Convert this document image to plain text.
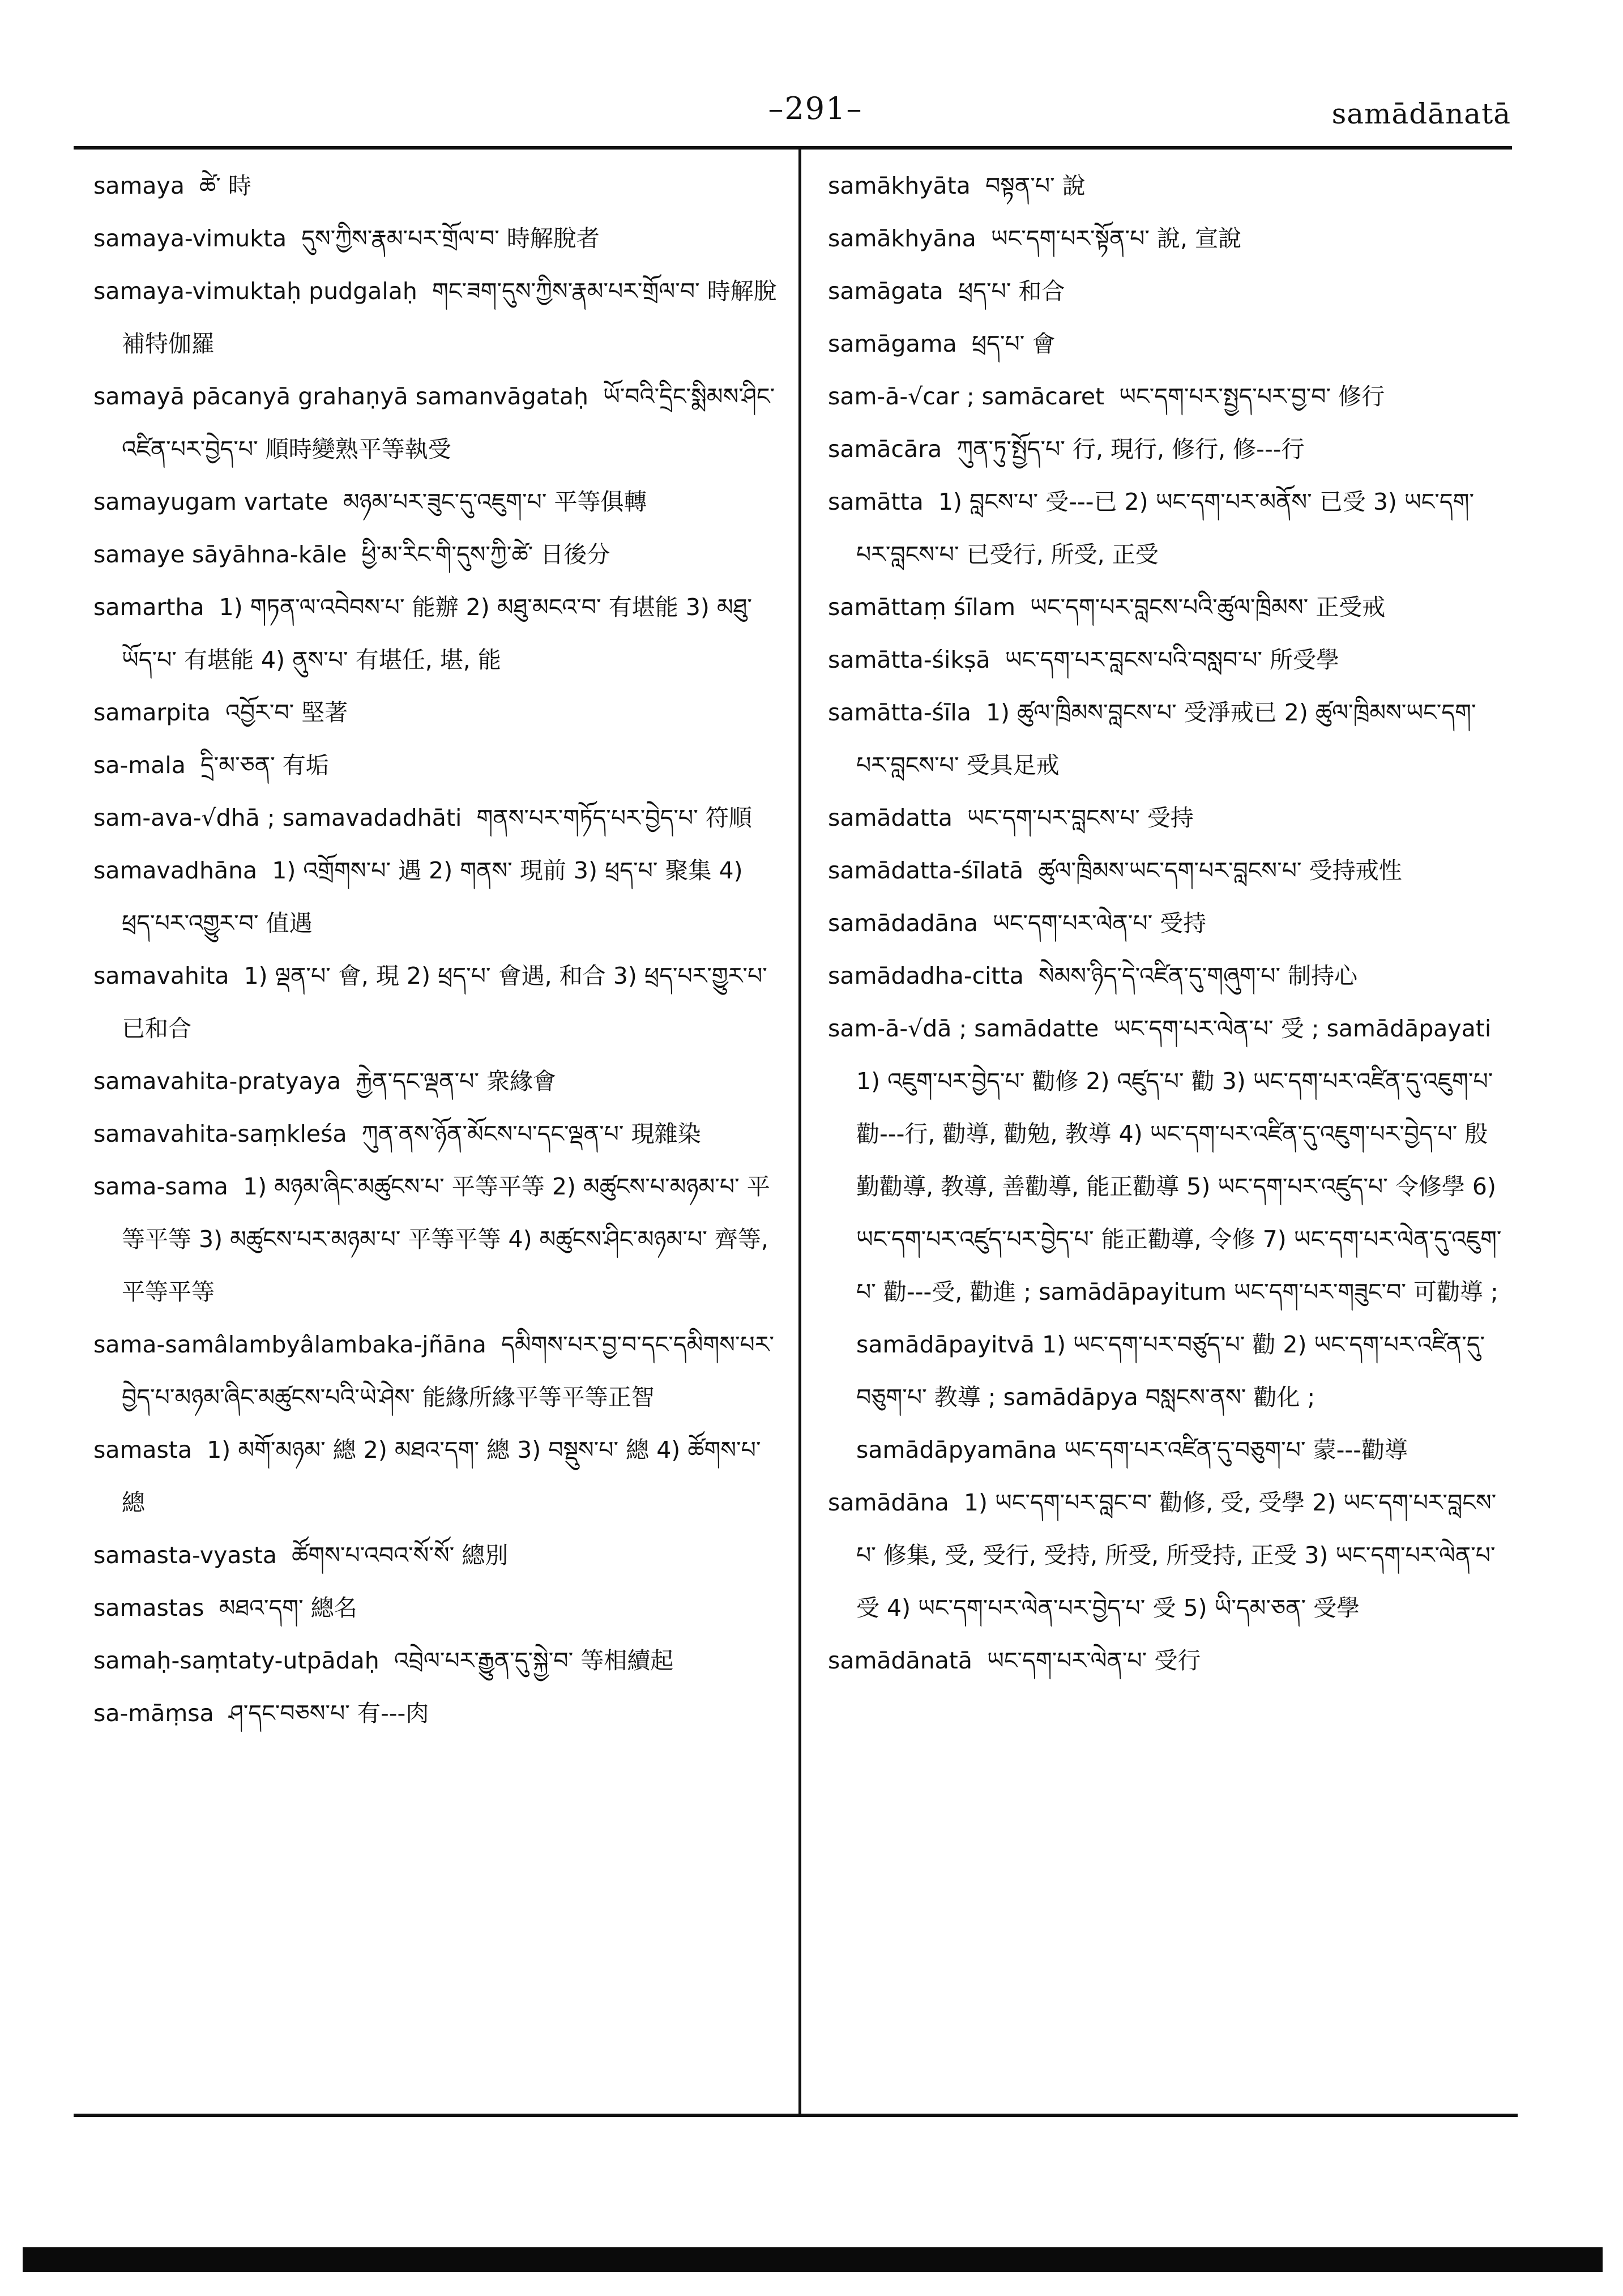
–291–	samādānatā
samaya ཚེ་ 時
samaya-vimukta དུས་ཀྱིས་རྣམ་པར་གྲོལ་བ་ 時解脫者
samaya-vimuktaḥ pudgalaḥ གང་ཟག་དུས་ཀྱིས་རྣམ་པར་གྲོལ་བ་ 時解脫補特伽羅
samayā pācanyā grahaṇyā samanvāgataḥ ཡོ་བའི་དྲིང་སྨིམས་ཤིང་འཛིན་པར་བྱེད་པ་ 順時變熟平等執受
samayugam vartate མཉམ་པར་ཟུང་དུ་འཇུག་པ་ 平等俱轉
samaye sāyāhna-kāle ཕྱི་མ་རིང་གི་དུས་ཀྱི་ཚེ་ 日後分
samartha 1) གཏན་ལ་འབེབས་པ་ 能辦 2) མཐུ་མངའ་བ་ 有堪能 3) མཐུ་ཡོད་པ་ 有堪能 4) ནུས་པ་ 有堪任, 堪, 能
samarpita འབྱོར་བ་ 堅著
sa-mala དྲི་མ་ཅན་ 有垢
sam-ava-√dhā ; samavadadhāti གནས་པར་གཏོད་པར་བྱེད་པ་ 符順
samavadhāna 1) འགྲོགས་པ་ 遇 2) གནས་ 現前 3) ཕྲད་པ་ 聚集 4) ཕྲད་པར་འགྱུར་བ་ 值遇
samavahita 1) ལྡན་པ་ 會, 現 2) ཕྲད་པ་ 會遇, 和合 3) ཕྲད་པར་གྱུར་པ་ 已和合
samavahita-pratyaya རྐྱེན་དང་ལྡན་པ་ 衆緣會
samavahita-saṃkleśa ཀུན་ནས་ཉོན་མོངས་པ་དང་ལྡན་པ་ 現雜染
sama-sama 1) མཉམ་ཞིང་མཚུངས་པ་ 平等平等 2) མཚུངས་པ་མཉམ་པ་ 平等平等 3) མཚུངས་པར་མཉམ་པ་ 平等平等 4) མཚུངས་ཤིང་མཉམ་པ་ 齊等, 平等平等
sama-samâlambyâlambaka-jñāna དམིགས་པར་བྱ་བ་དང་དམིགས་པར་བྱེད་པ་མཉམ་ཞིང་མཚུངས་པའི་ཡེ་ཤེས་ 能緣所緣平等平等正智
samasta 1) མགོ་མཉམ་ 總 2) མཐའ་དག་ 總 3) བསྡུས་པ་ 總 4) ཚོགས་པ་ 總
samasta-vyasta ཚོགས་པ་འབའ་སོ་སོ་ 總別
samastas མཐའ་དག་ 總名
samaḥ-saṃtaty-utpādaḥ འབྲེལ་པར་རྒྱུན་དུ་སྐྱེ་བ་ 等相續起
sa-māṃsa ཤ་དང་བཅས་པ་ 有---肉
samākhyāta བསྟན་པ་ 說
samākhyāna ཡང་དག་པར་སྟོན་པ་ 說, 宣說
samāgata ཕྲད་པ་ 和合
samāgama ཕྲད་པ་ 會
sam-ā-√car ; samācaret ཡང་དག་པར་སྤྱད་པར་བྱ་བ་ 修行
samācāra ཀུན་ཏུ་སྤྱོད་པ་ 行, 現行, 修行, 修---行
samātta 1) བླངས་པ་ 受---已 2) ཡང་དག་པར་མནོས་ 已受 3) ཡང་དག་པར་བླངས་པ་ 已受行, 所受, 正受
samāttaṃ śīlam ཡང་དག་པར་བླངས་པའི་ཚུལ་ཁྲིམས་ 正受戒
samātta-śikṣā ཡང་དག་པར་བླངས་པའི་བསླབ་པ་ 所受學
samātta-śīla 1) ཚུལ་ཁྲིམས་བླངས་པ་ 受淨戒已 2) ཚུལ་ཁྲིམས་ཡང་དག་པར་བླངས་པ་ 受具足戒
samādatta ཡང་དག་པར་བླངས་པ་ 受持
samādatta-śīlatā ཚུལ་ཁྲིམས་ཡང་དག་པར་བླངས་པ་ 受持戒性
samādadāna ཡང་དག་པར་ལེན་པ་ 受持
samādadha-citta སེམས་ཉིད་དེ་འཛིན་དུ་གཞུག་པ་ 制持心
sam-ā-√dā ; samādatte ཡང་དག་པར་ལེན་པ་ 受 ; samādāpayati 1) འཇུག་པར་བྱེད་པ་ 勸修 2) འཛུད་པ་ 勸 3) ཡང་དག་པར་འཛིན་དུ་འཇུག་པ་ 勸---行, 勸導, 勸勉, 教導 4) ཡང་དག་པར་འཛིན་དུ་འཇུག་པར་བྱེད་པ་ 殷勤勸導, 教導, 善勸導, 能正勸導 5) ཡང་དག་པར་འཛུད་པ་ 令修學 6) ཡང་དག་པར་འཛུད་པར་བྱེད་པ་ 能正勸導, 令修 7) ཡང་དག་པར་ལེན་དུ་འཇུག་པ་ 勸---受, 勸進 ; samādāpayitum ཡང་དག་པར་གཟུང་བ་ 可勸導 ; samādāpayitvā 1) ཡང་དག་པར་བཙུད་པ་ 勸 2) ཡང་དག་པར་འཛིན་དུ་བཅུག་པ་ 教導 ; samādāpya བསླངས་ནས་ 勸化 ; samādāpyamāna ཡང་དག་པར་འཛིན་དུ་བཅུག་པ་ 蒙---勸導
samādāna 1) ཡང་དག་པར་བླང་བ་ 勸修, 受, 受學 2) ཡང་དག་པར་བླངས་པ་ 修集, 受, 受行, 受持, 所受, 所受持, 正受 3) ཡང་དག་པར་ལེན་པ་ 受 4) ཡང་དག་པར་ལེན་པར་བྱེད་པ་ 受 5) ཡི་དམ་ཅན་ 受學
samādānatā ཡང་དག་པར་ལེན་པ་ 受行
